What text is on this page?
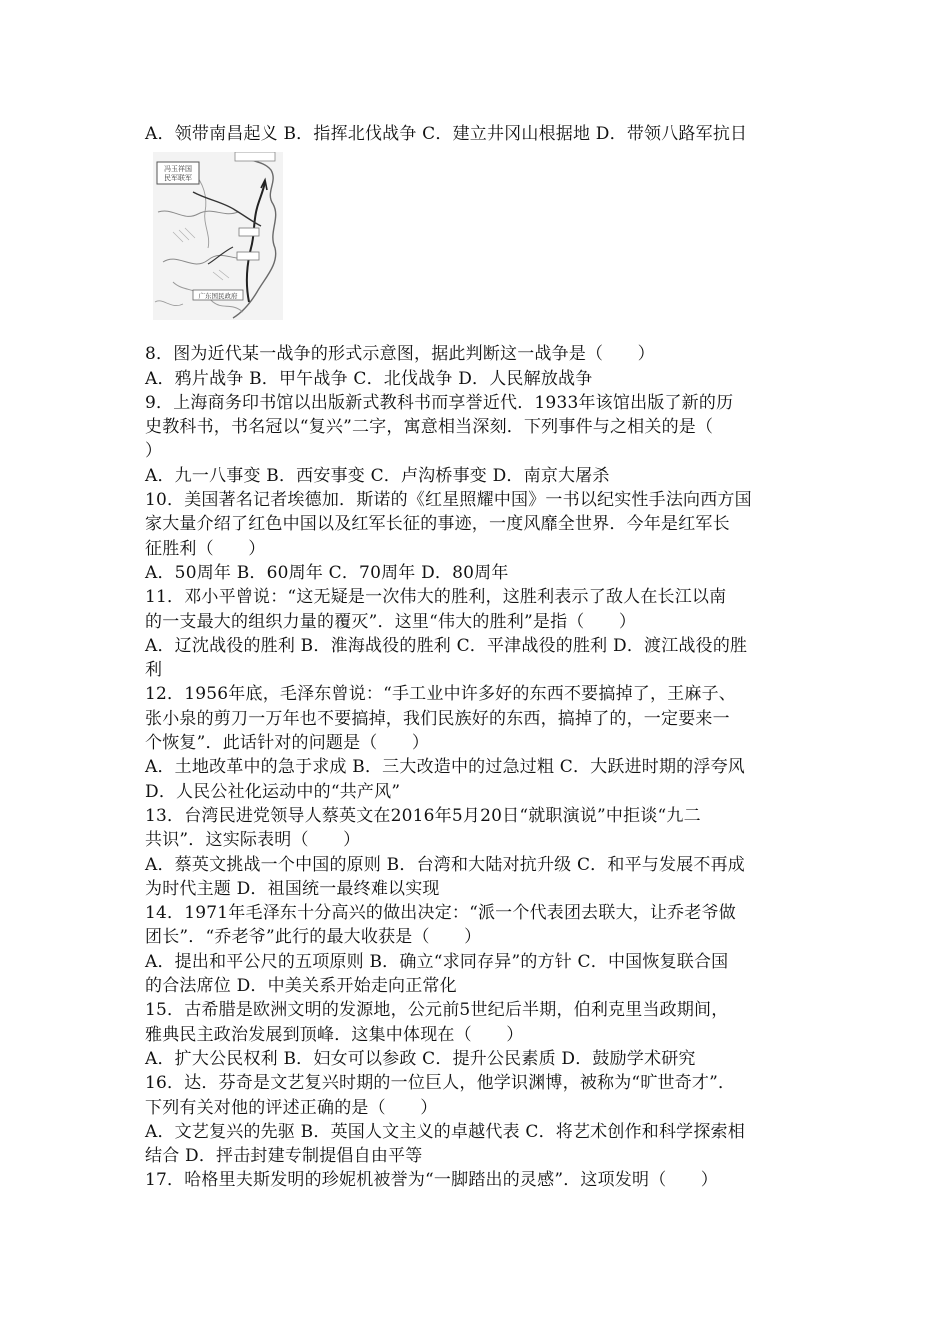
A．领带南昌起义 B．指挥北伐战争 C．建立井冈山根据地 D．带领八路军抗日
冯玉祥国
民军联军
广东国民政府
8．图为近代某一战争的形式示意图，据此判断这一战争是（　　）
A．鸦片战争 B．甲午战争 C．北伐战争 D．人民解放战争
9．上海商务印书馆以出版新式教科书而享誉近代．1933年该馆出版了新的历
史教科书，书名冠以“复兴”二字，寓意相当深刻．下列事件与之相关的是（
）
A．九一八事变 B．西安事变 C．卢沟桥事变 D．南京大屠杀
10．美国著名记者埃德加．斯诺的《红星照耀中国》一书以纪实性手法向西方国
家大量介绍了红色中国以及红军长征的事迹，一度风靡全世界．今年是红军长
征胜利（　　）
A．50周年 B．60周年 C．70周年 D．80周年
11．邓小平曾说：“这无疑是一次伟大的胜利，这胜利表示了敌人在长江以南
的一支最大的组织力量的覆灭”．这里“伟大的胜利”是指（　　）
A．辽沈战役的胜利 B．淮海战役的胜利 C．平津战役的胜利 D．渡江战役的胜
利
12．1956年底，毛泽东曾说：“手工业中许多好的东西不要搞掉了，王麻子、
张小泉的剪刀一万年也不要搞掉，我们民族好的东西，搞掉了的，一定要来一
个恢复”．此话针对的问题是（　　）
A．土地改革中的急于求成 B．三大改造中的过急过粗 C．大跃进时期的浮夸风
D．人民公社化运动中的“共产风”
13．台湾民进党领导人蔡英文在2016年5月20日“就职演说”中拒谈“九二
共识”．这实际表明（　　）
A．蔡英文挑战一个中国的原则 B．台湾和大陆对抗升级 C．和平与发展不再成
为时代主题 D．祖国统一最终难以实现
14．1971年毛泽东十分高兴的做出决定：“派一个代表团去联大，让乔老爷做
团长”．“乔老爷”此行的最大收获是（　　）
A．提出和平公尺的五项原则 B．确立“求同存异”的方针 C．中国恢复联合国
的合法席位 D．中美关系开始走向正常化
15．古希腊是欧洲文明的发源地，公元前5世纪后半期，伯利克里当政期间，
雅典民主政治发展到顶峰．这集中体现在（　　）
A．扩大公民权利 B．妇女可以参政 C．提升公民素质 D．鼓励学术研究
16．达．芬奇是文艺复兴时期的一位巨人，他学识渊博，被称为“旷世奇才”．
下列有关对他的评述正确的是（　　）
A．文艺复兴的先驱 B．英国人文主义的卓越代表 C．将艺术创作和科学探索相
结合 D．抨击封建专制提倡自由平等
17．哈格里夫斯发明的珍妮机被誉为“一脚踏出的灵感”．这项发明（　　）
